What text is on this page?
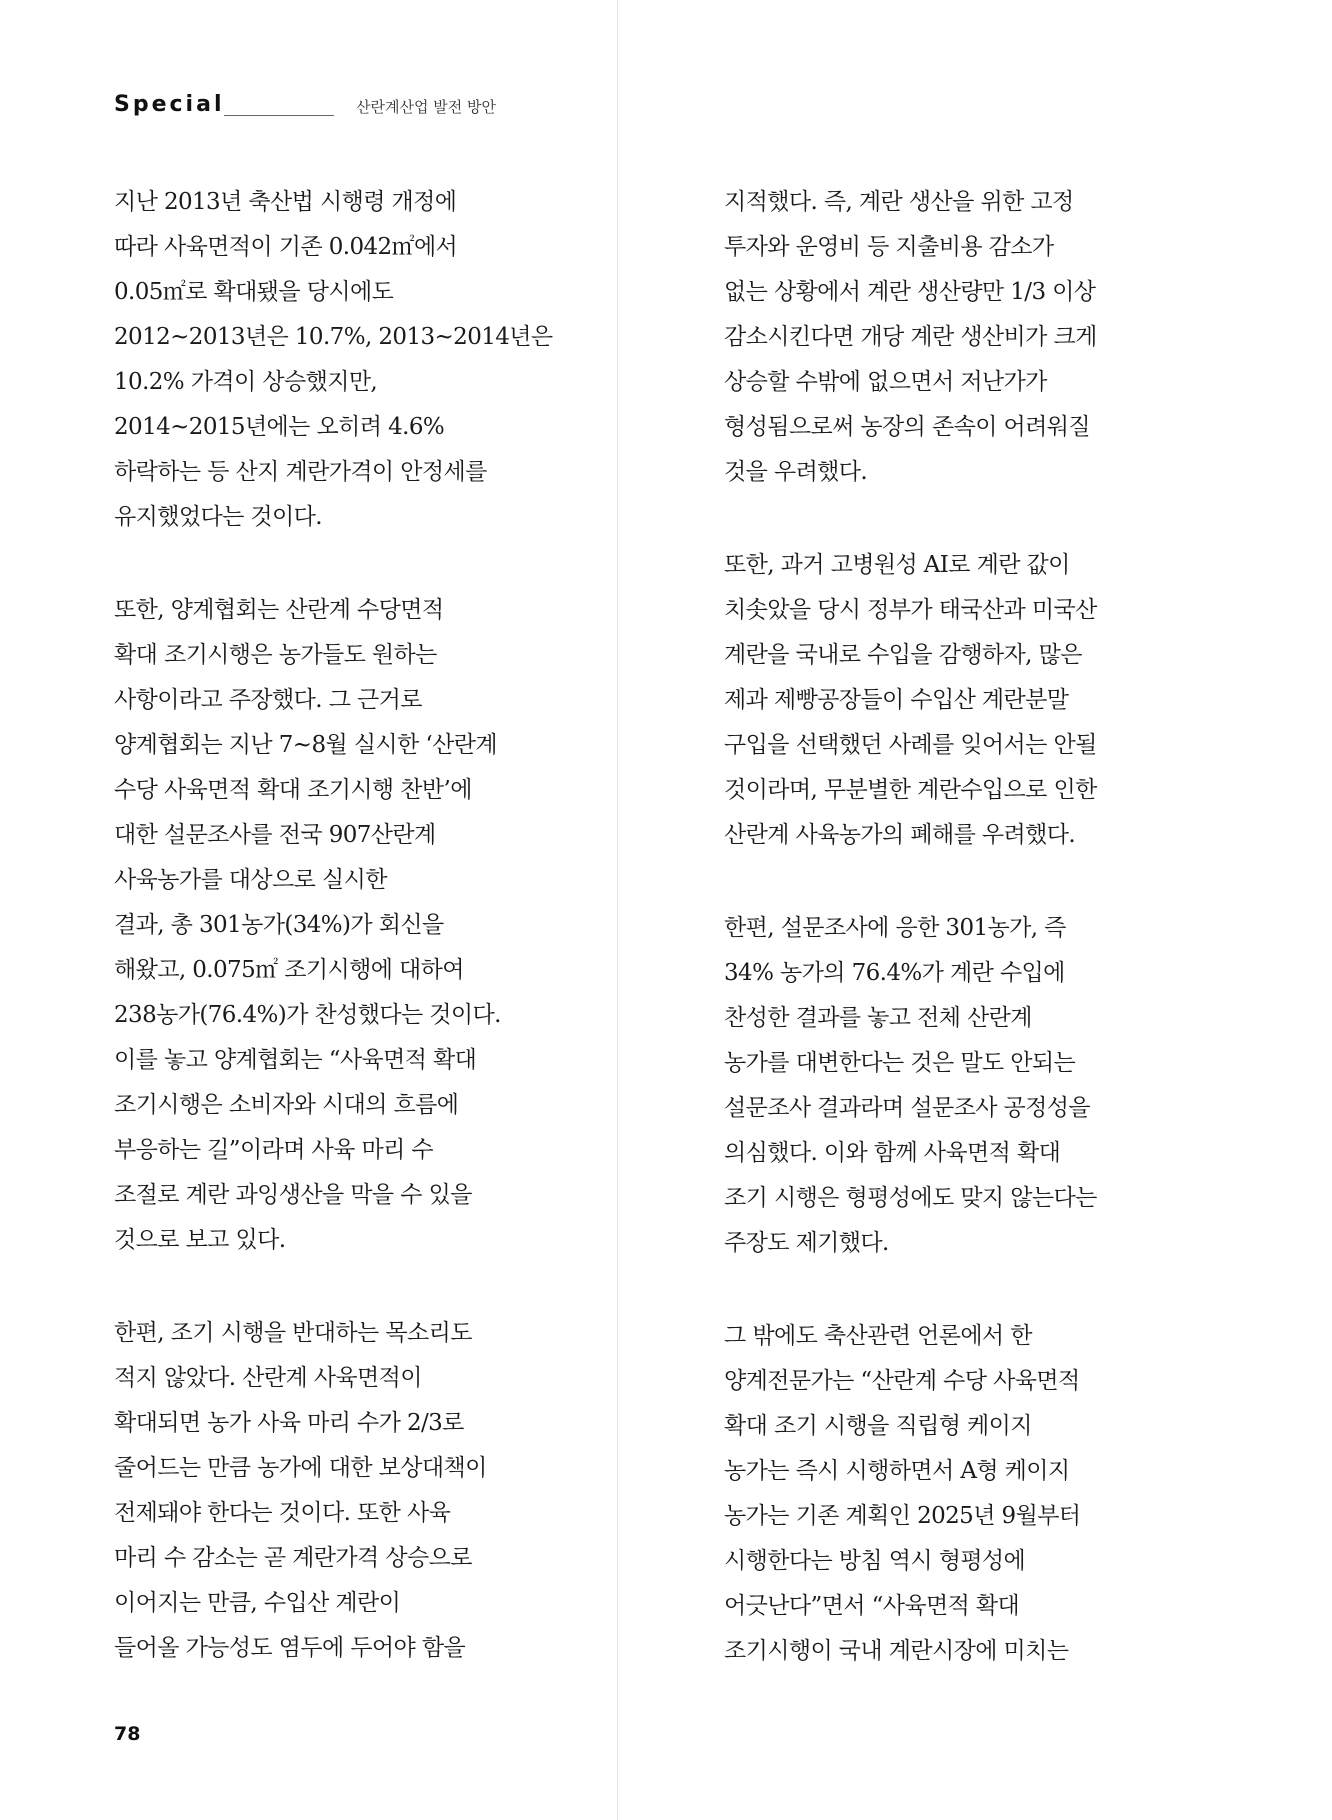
Special	산란계산업 발전 방안
지난 2013년 축산법 시행령 개정에
따라 사육면적이 기존 0.042㎡에서
0.05㎡로 확대됐을 당시에도
2012~2013년은 10.7%, 2013~2014년은
10.2% 가격이 상승했지만,
2014~2015년에는 오히려 4.6%
하락하는 등 산지 계란가격이 안정세를
유지했었다는 것이다.
또한, 양계협회는 산란계 수당면적
확대 조기시행은 농가들도 원하는
사항이라고 주장했다. 그 근거로
양계협회는 지난 7~8월 실시한 ‘산란계
수당 사육면적 확대 조기시행 찬반’에
대한 설문조사를 전국 907산란계
사육농가를 대상으로 실시한
결과, 총 301농가(34%)가 회신을
해왔고, 0.075㎡ 조기시행에 대하여
238농가(76.4%)가 찬성했다는 것이다.
이를 놓고 양계협회는 “사육면적 확대
조기시행은 소비자와 시대의 흐름에
부응하는 길”이라며 사육 마리 수
조절로 계란 과잉생산을 막을 수 있을
것으로 보고 있다.
한편, 조기 시행을 반대하는 목소리도
적지 않았다. 산란계 사육면적이
확대되면 농가 사육 마리 수가 2/3로
줄어드는 만큼 농가에 대한 보상대책이
전제돼야 한다는 것이다. 또한 사육
마리 수 감소는 곧 계란가격 상승으로
이어지는 만큼, 수입산 계란이
들어올 가능성도 염두에 두어야 함을
지적했다. 즉, 계란 생산을 위한 고정
투자와 운영비 등 지출비용 감소가
없는 상황에서 계란 생산량만 1/3 이상
감소시킨다면 개당 계란 생산비가 크게
상승할 수밖에 없으면서 저난가가
형성됨으로써 농장의 존속이 어려워질
것을 우려했다.
또한, 과거 고병원성 AI로 계란 값이
치솟았을 당시 정부가 태국산과 미국산
계란을 국내로 수입을 감행하자, 많은
제과 제빵공장들이 수입산 계란분말
구입을 선택했던 사례를 잊어서는 안될
것이라며, 무분별한 계란수입으로 인한
산란계 사육농가의 폐해를 우려했다.
한편, 설문조사에 응한 301농가, 즉
34% 농가의 76.4%가 계란 수입에
찬성한 결과를 놓고 전체 산란계
농가를 대변한다는 것은 말도 안되는
설문조사 결과라며 설문조사 공정성을
의심했다. 이와 함께 사육면적 확대
조기 시행은 형평성에도 맞지 않는다는
주장도 제기했다.
그 밖에도 축산관련 언론에서 한
양계전문가는 “산란계 수당 사육면적
확대 조기 시행을 직립형 케이지
농가는 즉시 시행하면서 A형 케이지
농가는 기존 계획인 2025년 9월부터
시행한다는 방침 역시 형평성에
어긋난다”면서 “사육면적 확대
조기시행이 국내 계란시장에 미치는
78
